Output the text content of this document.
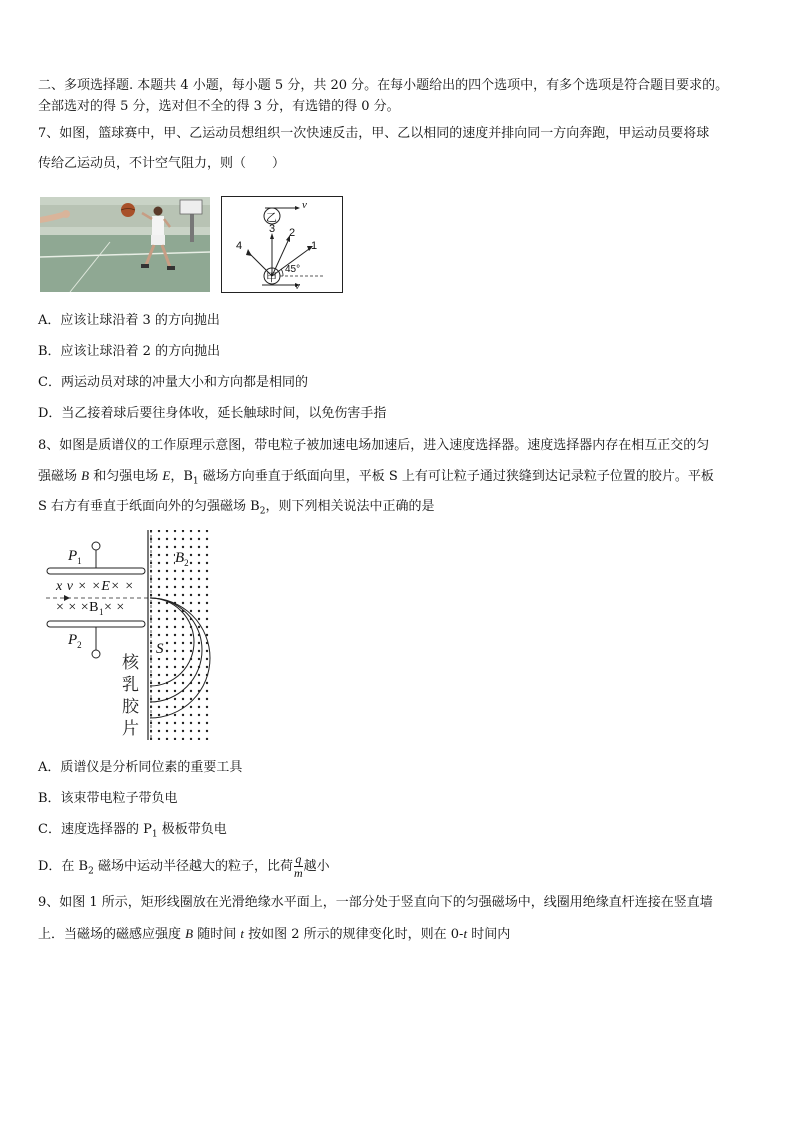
二、多项选择题. 本题共 4 小题，每小题 5 分，共 20 分。在每小题给出的四个选项中，有多个选项是符合题目要求的。
全部选对的得 5 分，选对但不全的得 3 分，有选错的得 0 分。
7、如图，篮球赛中，甲、乙运动员想组织一次快速反击，甲、乙以相同的速度并排向同一方向奔跑，甲运动员要将球
传给乙运动员，不计空气阻力，则（　　）
乙
甲
v
v
1
2
3
4
45°
A．应该让球沿着 3 的方向抛出
B．应该让球沿着 2 的方向抛出
C．两运动员对球的冲量大小和方向都是相同的
D．当乙接着球后要往身体收，延长触球时间，以免伤害手指
8、如图是质谱仪的工作原理示意图，带电粒子被加速电场加速后，进入速度选择器。速度选择器内存在相互正交的匀
强磁场 B 和匀强电场 E，$B_1$ 磁场方向垂直于纸面向里，平板 S 上有可让粒子通过狭缝到达记录粒子位置的胶片。平板
S 右方有垂直于纸面向外的匀强磁场 $B_2$，则下列相关说法中正确的是
$P_1$
$P_2$
$B_2$
x v × ×E× ×
× × $\times B_1\times$ ×
S
核
乳
胶
片
A．质谱仪是分析同位素的重要工具
B．该束带电粒子带负电
C．速度选择器的 $P_1$ 极板带负电
D．在 $B_2$ 磁场中运动半径越大的粒子，比荷 $\frac{q}{m}$ 越小
9、如图 1 所示，矩形线圈放在光滑绝缘水平面上，一部分处于竖直向下的匀强磁场中，线圈用绝缘直杆连接在竖直墙
上．当磁场的磁感应强度 B 随时间 t 按如图 2 所示的规律变化时，则在 0-t 时间内
